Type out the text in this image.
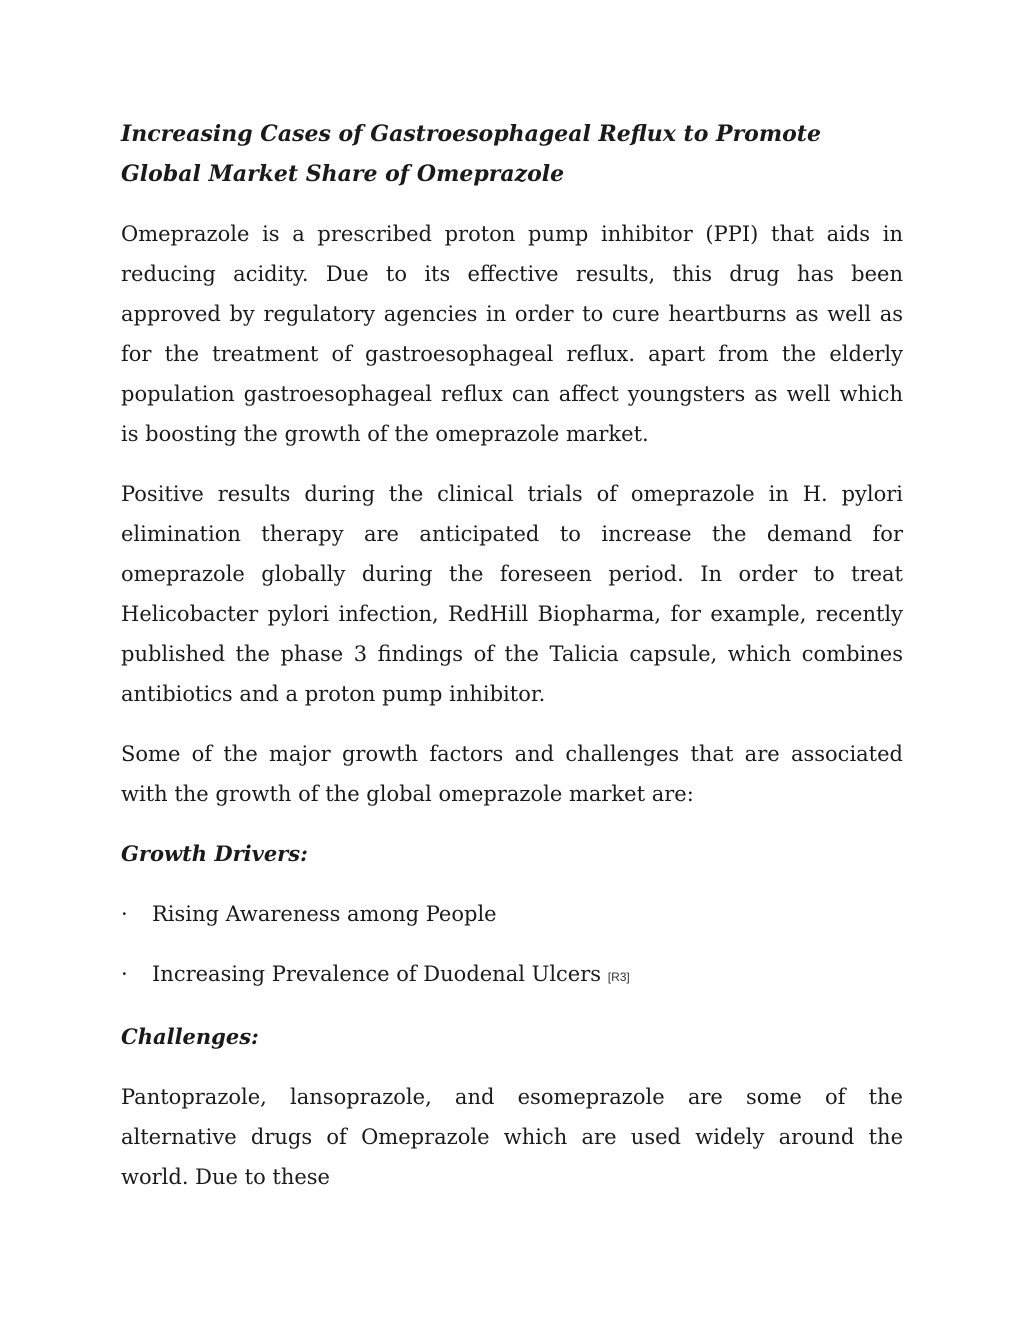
Increasing Cases of Gastroesophageal Reflux to Promote Global Market Share of Omeprazole

Omeprazole is a prescribed proton pump inhibitor (PPI) that aids in reducing acidity. Due to its effective results, this drug has been approved by regulatory agencies in order to cure heartburns as well as for the treatment of gastroesophageal reflux. apart from the elderly population gastroesophageal reflux can affect youngsters as well which is boosting the growth of the omeprazole market.

Positive results during the clinical trials of omeprazole in H. pylori elimination therapy are anticipated to increase the demand for omeprazole globally during the foreseen period. In order to treat Helicobacter pylori infection, RedHill Biopharma, for example, recently published the phase 3 findings of the Talicia capsule, which combines antibiotics and a proton pump inhibitor.

Some of the major growth factors and challenges that are associated with the growth of the global omeprazole market are:

Growth Drivers:
· Rising Awareness among People
· Increasing Prevalence of Duodenal Ulcers [R3]
Challenges:

Pantoprazole, lansoprazole, and esomeprazole are some of the alternative drugs of Omeprazole which are used widely around the world. Due to these
